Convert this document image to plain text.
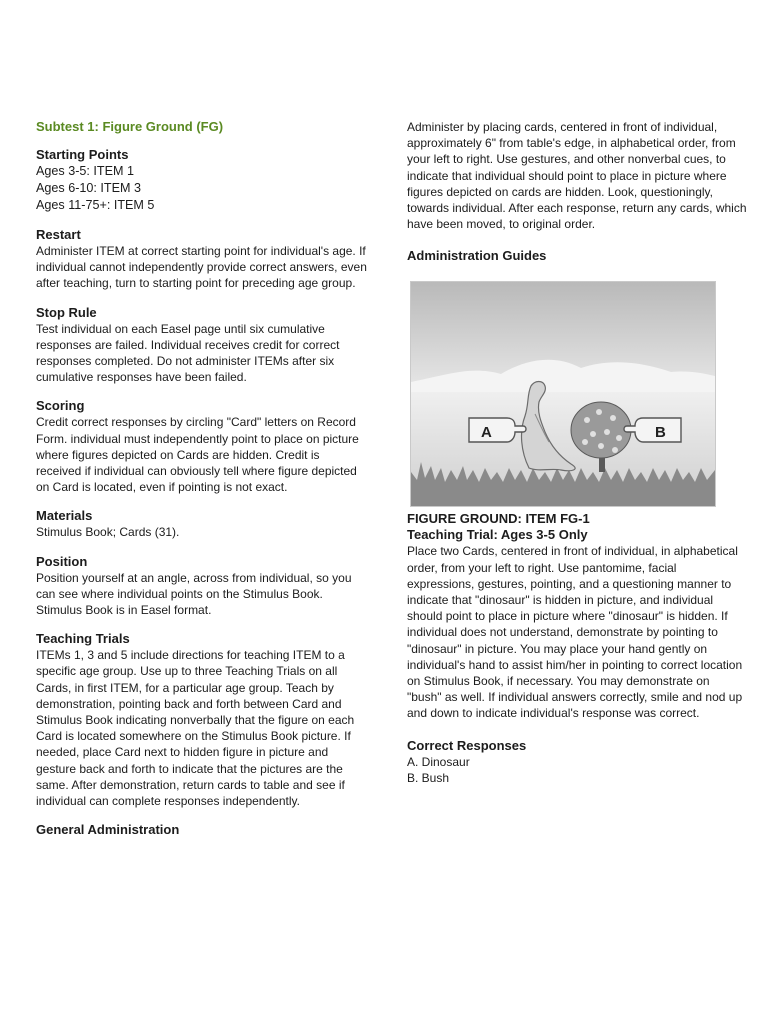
Subtest 1: Figure Ground (FG)
Starting Points
Ages 3-5: ITEM 1
Ages 6-10: ITEM 3
Ages 11-75+: ITEM 5
Restart

Administer ITEM at correct starting point for individual's age. If individual cannot independently provide correct answers, even after teaching, turn to starting point for preceding age group.

Stop Rule

Test individual on each Easel page until six cumulative responses are failed. Individual receives credit for correct responses completed. Do not administer ITEMs after six cumulative responses have been failed.

Scoring

Credit correct responses by circling "Card" letters on Record Form. individual must independently point to place on picture where figures depicted on Cards are hidden. Credit is received if individual can obviously tell where figure depicted on Card is located, even if pointing is not exact.

Materials

Stimulus Book; Cards (31).

Position

Position yourself at an angle, across from individual, so you can see where individual points on the Stimulus Book. Stimulus Book is in Easel format.

Teaching Trials

ITEMs 1, 3 and 5 include directions for teaching ITEM to a specific age group. Use up to three Teaching Trials on all Cards, in first ITEM, for a particular age group. Teach by demonstration, pointing back and forth between Card and Stimulus Book indicating nonverbally that the figure on each Card is located somewhere on the Stimulus Book picture. If needed, place Card next to hidden figure in picture and gesture back and forth to indicate that the pictures are the same. After demonstration, return cards to table and see if individual can complete responses independently.

General Administration

Administer by placing cards, centered in front of individual, approximately 6" from table's edge, in alphabetical order, from your left to right. Use gestures, and other nonverbal cues, to indicate that individual should point to place in picture where figures depicted on cards are hidden. Look, questioningly, towards individual. After each response, return any cards, which have been moved, to original order.

Administration Guides
A	B
FIGURE GROUND: ITEM FG-1
Teaching Trial: Ages 3-5 Only

Place two Cards, centered in front of individual, in alphabetical order, from your left to right. Use pantomime, facial expressions, gestures, pointing, and a questioning manner to indicate that "dinosaur" is hidden in picture, and individual should point to place in picture where "dinosaur" is hidden. If individual does not understand, demonstrate by pointing to "dinosaur" in picture. You may place your hand gently on individual's hand to assist him/her in pointing to correct location on Stimulus Book, if necessary. You may demonstrate on "bush" as well. If individual answers correctly, smile and nod up and down to indicate individual's response was correct.

Correct Responses
A. Dinosaur
B. Bush
